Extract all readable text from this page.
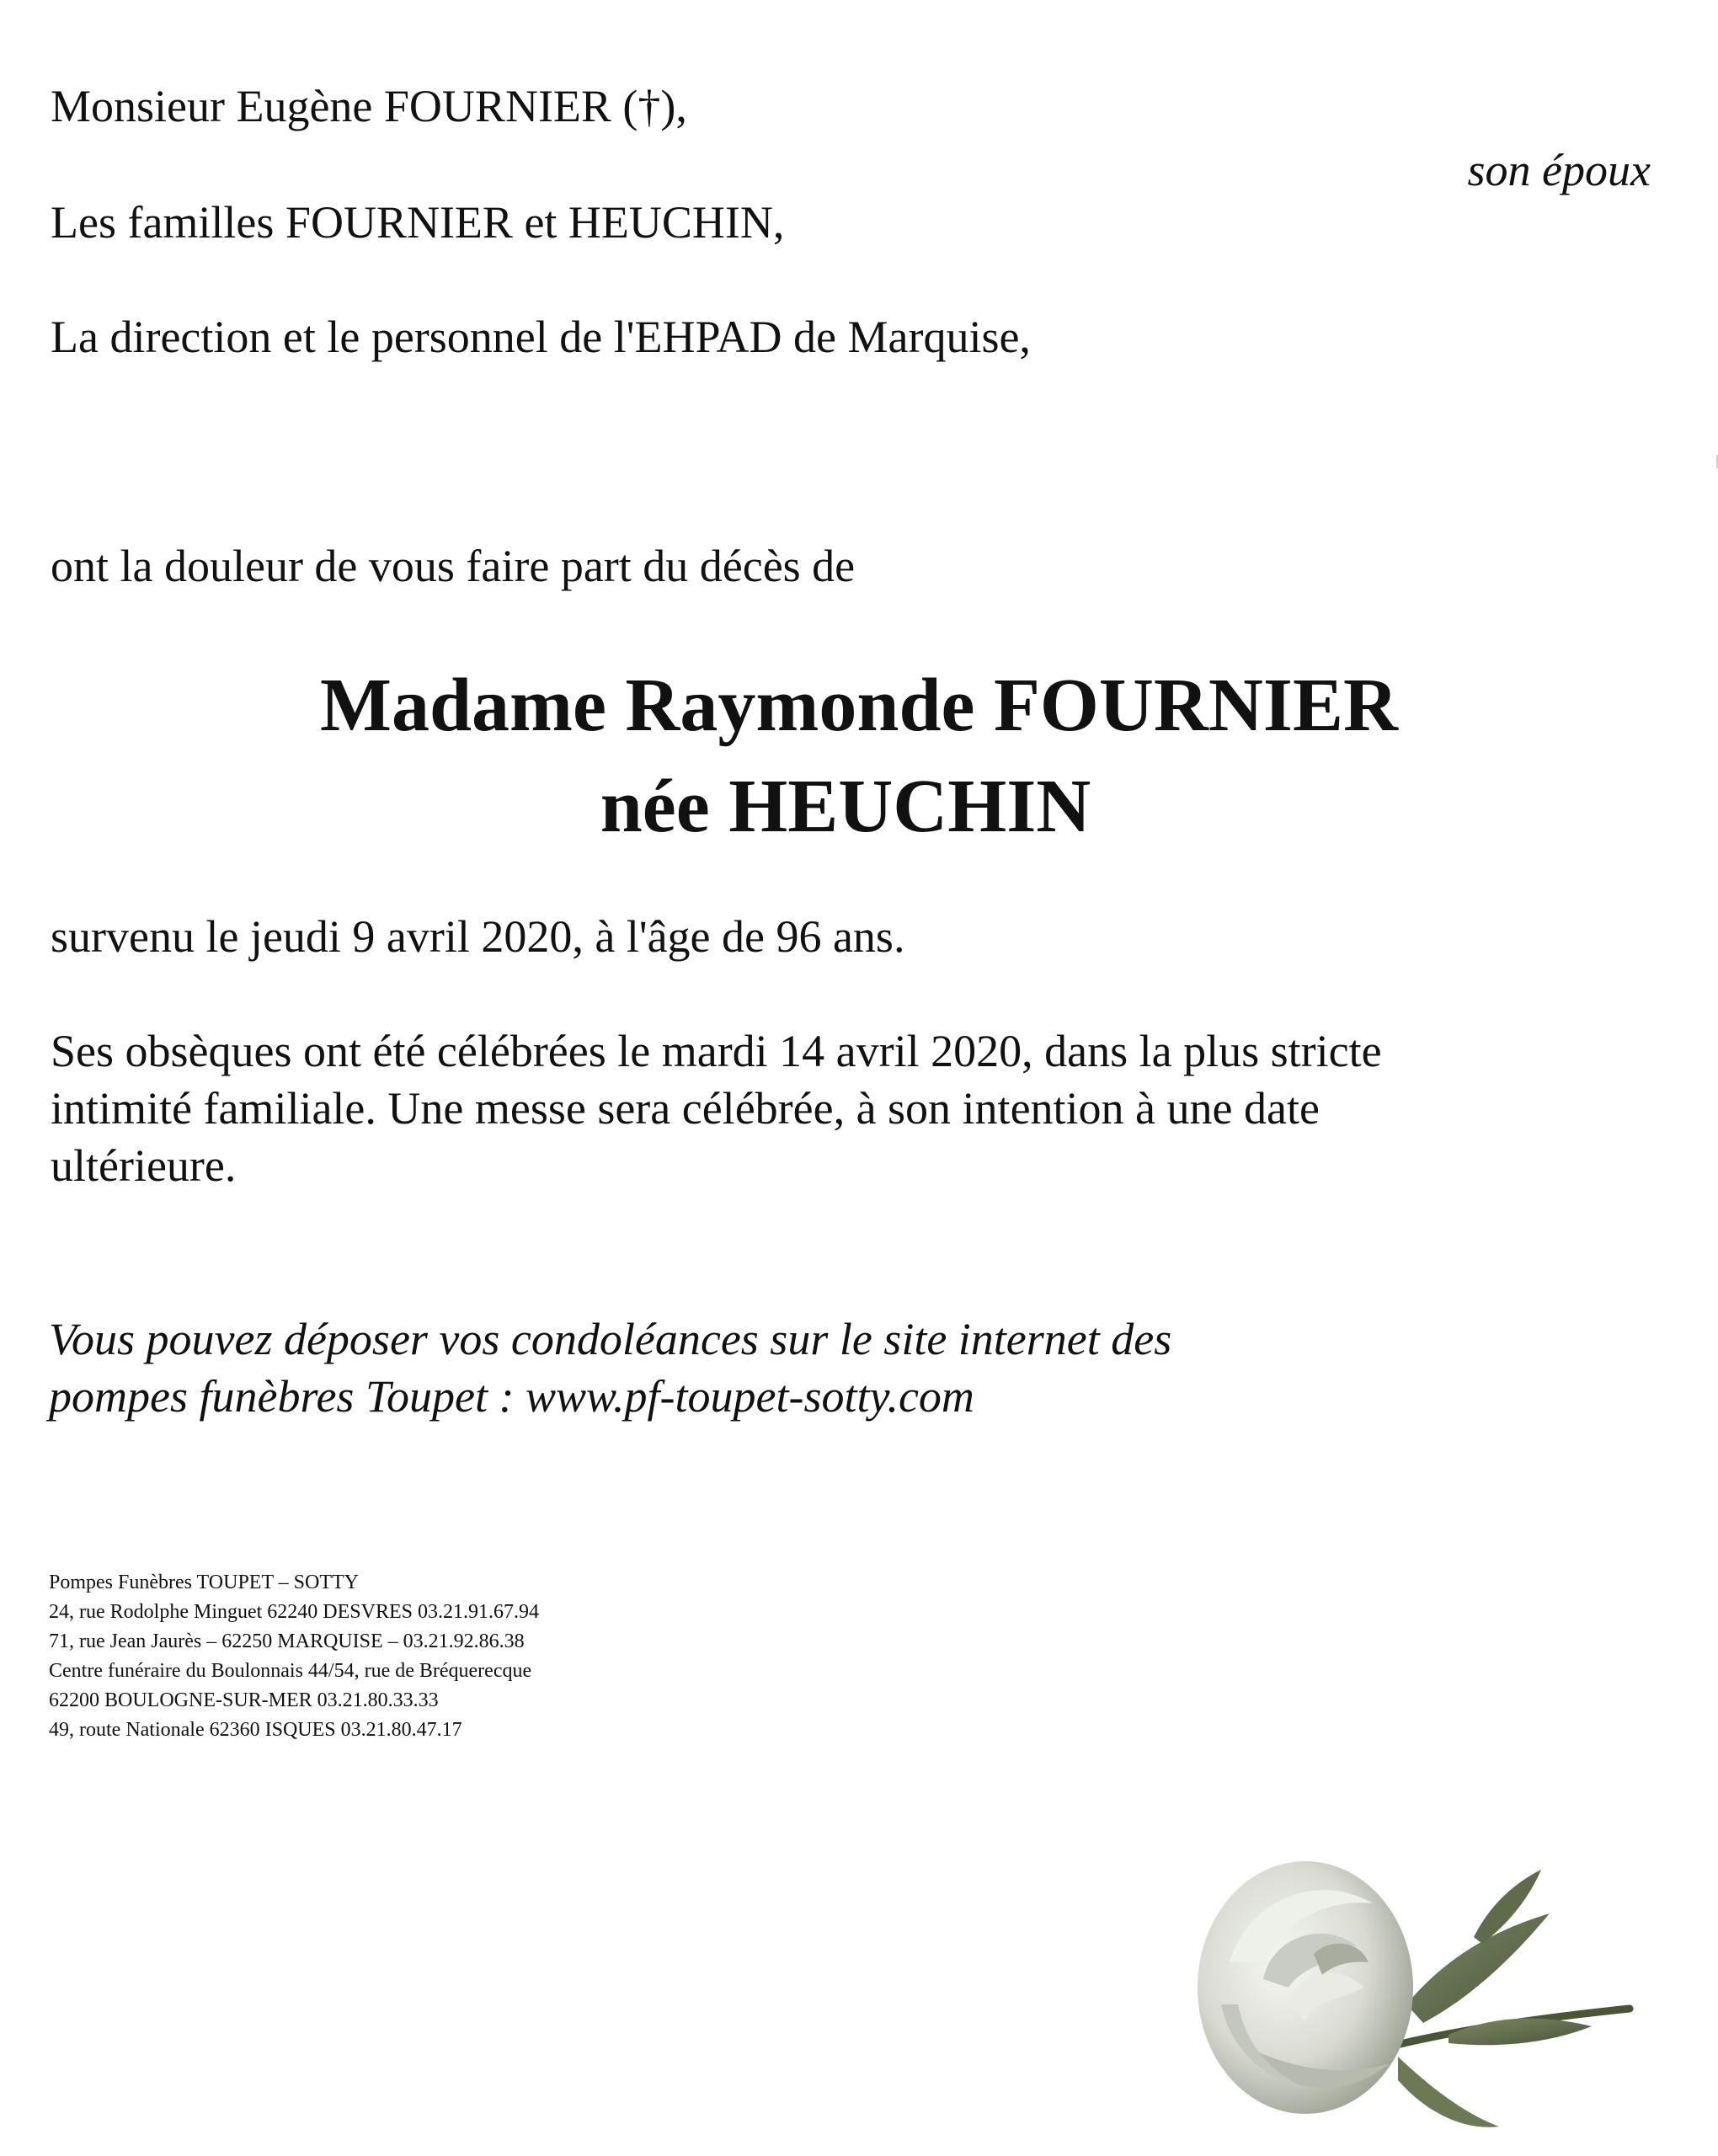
Monsieur Eugène FOURNIER (†),
son époux
Les familles FOURNIER et HEUCHIN,
La direction et le personnel de l'EHPAD de Marquise,
ont la douleur de vous faire part du décès de
Madame Raymonde FOURNIER
née HEUCHIN
survenu le jeudi 9 avril 2020, à l'âge de 96 ans.
Ses obsèques ont été célébrées le mardi 14 avril 2020, dans la plus stricte
intimité familiale. Une messe sera célébrée, à son intention à une date
ultérieure.
Vous pouvez déposer vos condoléances sur le site internet des
pompes funèbres Toupet : www.pf-toupet-sotty.com
Pompes Funèbres TOUPET – SOTTY
24, rue Rodolphe Minguet 62240 DESVRES 03.21.91.67.94
71, rue Jean Jaurès – 62250 MARQUISE – 03.21.92.86.38
Centre funéraire du Boulonnais 44/54, rue de Bréquerecque
62200 BOULOGNE-SUR-MER 03.21.80.33.33
49, route Nationale 62360 ISQUES 03.21.80.47.17
